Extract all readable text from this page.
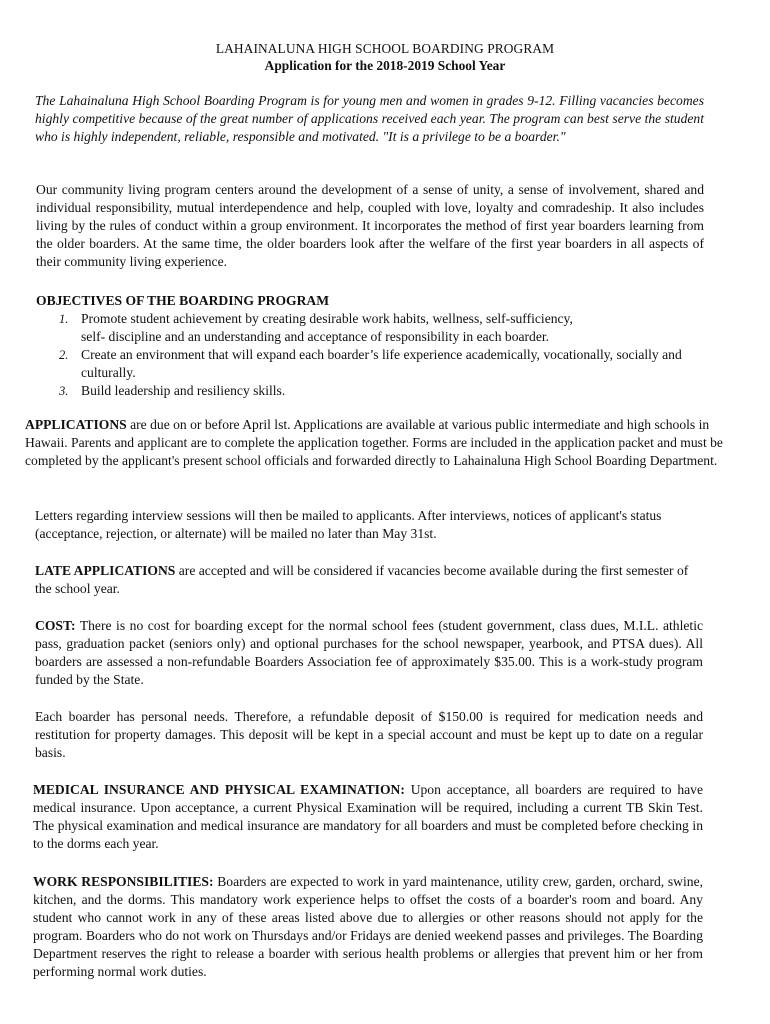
LAHAINALUNA HIGH SCHOOL BOARDING PROGRAM
Application for the 2018-2019 School Year
The Lahainaluna High School Boarding Program is for young men and women in grades 9-12. Filling vacancies becomes highly competitive because of the great number of applications received each year. The program can best serve the student who is highly independent, reliable, responsible and motivated. "It is a privilege to be a boarder."
Our community living program centers around the development of a sense of unity, a sense of involvement, shared and individual responsibility, mutual interdependence and help, coupled with love, loyalty and comradeship. It also includes living by the rules of conduct within a group environment. It incorporates the method of first year boarders learning from the older boarders. At the same time, the older boarders look after the welfare of the first year boarders in all aspects of their community living experience.
OBJECTIVES OF THE BOARDING PROGRAM
1. Promote student achievement by creating desirable work habits, wellness, self-sufficiency,
self- discipline and an understanding and acceptance of responsibility in each boarder.
2. Create an environment that will expand each boarder’s life experience academically, vocationally, socially and
culturally.
3. Build leadership and resiliency skills.
APPLICATIONS are due on or before April lst. Applications are available at various public intermediate and high schools in Hawaii. Parents and applicant are to complete the application together. Forms are included in the application packet and must be completed by the applicant's present school officials and forwarded directly to Lahainaluna High School Boarding Department.
Letters regarding interview sessions will then be mailed to applicants. After interviews, notices of applicant's status (acceptance, rejection, or alternate) will be mailed no later than May 31st.
LATE APPLICATIONS are accepted and will be considered if vacancies become available during the first semester of the school year.
COST: There is no cost for boarding except for the normal school fees (student government, class dues, M.I.L. athletic pass, graduation packet (seniors only) and optional purchases for the school newspaper, yearbook, and PTSA dues). All boarders are assessed a non-refundable Boarders Association fee of approximately $35.00. This is a work-study program funded by the State.
Each boarder has personal needs. Therefore, a refundable deposit of $150.00 is required for medication needs and restitution for property damages. This deposit will be kept in a special account and must be kept up to date on a regular basis.
MEDICAL INSURANCE AND PHYSICAL EXAMINATION: Upon acceptance, all boarders are required to have medical insurance. Upon acceptance, a current Physical Examination will be required, including a current TB Skin Test. The physical examination and medical insurance are mandatory for all boarders and must be completed before checking in to the dorms each year.
WORK RESPONSIBILITIES: Boarders are expected to work in yard maintenance, utility crew, garden, orchard, swine, kitchen, and the dorms. This mandatory work experience helps to offset the costs of a boarder's room and board. Any student who cannot work in any of these areas listed above due to allergies or other reasons should not apply for the program. Boarders who do not work on Thursdays and/or Fridays are denied weekend passes and privileges. The Boarding Department reserves the right to release a boarder with serious health problems or allergies that prevent him or her from performing normal work duties.
